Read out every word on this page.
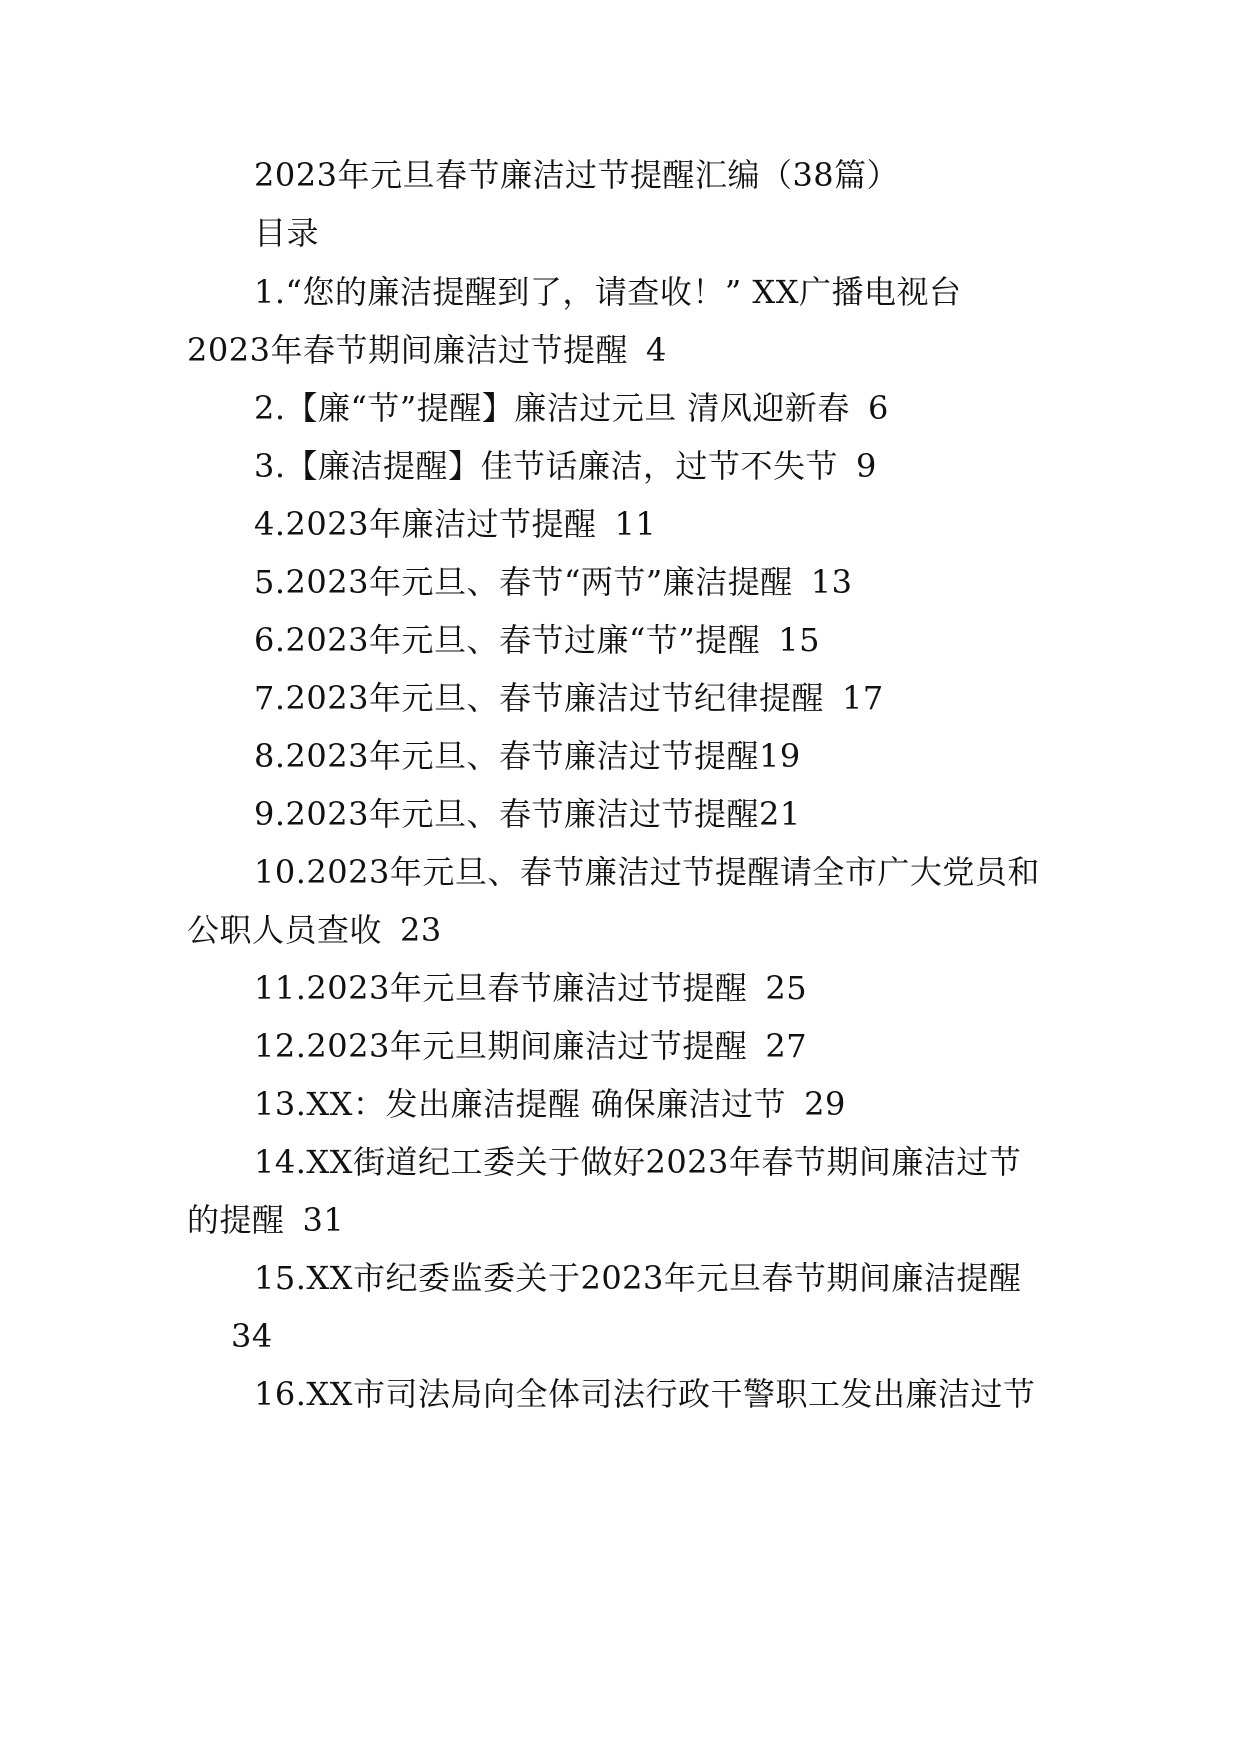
2023年元旦春节廉洁过节提醒汇编（38篇）
目录
1.“您的廉洁提醒到了，请查收！” XX广播电视台
2023年春节期间廉洁过节提醒 4
2.【廉“节”提醒】廉洁过元旦 清风迎新春 6
3.【廉洁提醒】佳节话廉洁，过节不失节 9
4.2023年廉洁过节提醒 11
5.2023年元旦、春节“两节”廉洁提醒 13
6.2023年元旦、春节过廉“节”提醒 15
7.2023年元旦、春节廉洁过节纪律提醒 17
8.2023年元旦、春节廉洁过节提醒19
9.2023年元旦、春节廉洁过节提醒21
10.2023年元旦、春节廉洁过节提醒请全市广大党员和
公职人员查收 23
11.2023年元旦春节廉洁过节提醒 25
12.2023年元旦期间廉洁过节提醒 27
13.XX：发出廉洁提醒 确保廉洁过节 29
14.XX街道纪工委关于做好2023年春节期间廉洁过节
的提醒 31
15.XX市纪委监委关于2023年元旦春节期间廉洁提醒
34
16.XX市司法局向全体司法行政干警职工发出廉洁过节
